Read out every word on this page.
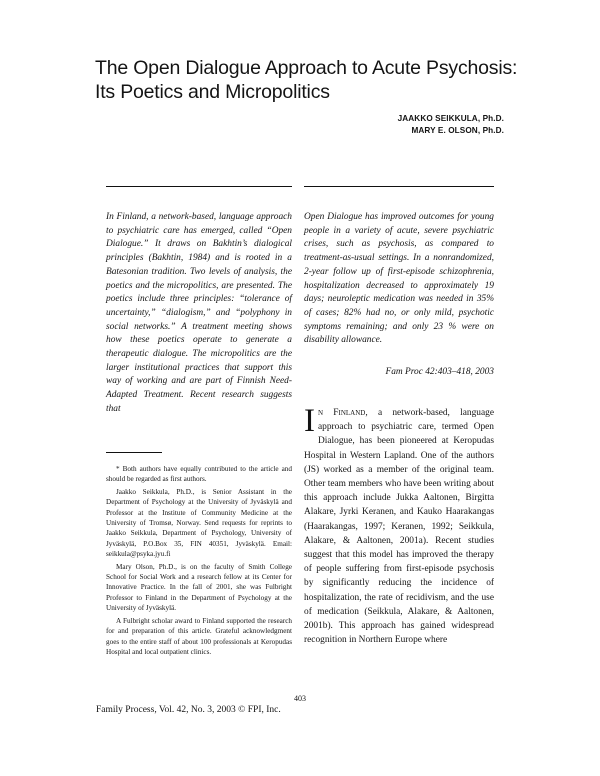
The Open Dialogue Approach to Acute Psychosis:
Its Poetics and Micropolitics
JAAKKO SEIKKULA, Ph.D.
MARY E. OLSON, Ph.D.
In Finland, a network-based, language approach to psychiatric care has emerged, called “Open Dialogue.” It draws on Bakhtin’s dialogical principles (Bakhtin, 1984) and is rooted in a Batesonian tradition. Two levels of analysis, the poetics and the micropolitics, are presented. The poetics include three principles: “tolerance of uncertainty,” “dialogism,” and “polyphony in social networks.” A treatment meeting shows how these poetics operate to generate a therapeutic dialogue. The micropolitics are the larger institutional practices that support this way of working and are part of Finnish Need-Adapted Treatment. Recent research suggests that
Open Dialogue has improved outcomes for young people in a variety of acute, severe psychiatric crises, such as psychosis, as compared to treatment-as-usual settings. In a nonrandomized, 2-year follow up of first-episode schizophrenia, hospitalization decreased to approximately 19 days; neuroleptic medication was needed in 35% of cases; 82% had no, or only mild, psychotic symptoms remaining; and only 23 % were on disability allowance.
Fam Proc 42:403–418, 2003
In Finland, a network-based, language approach to psychiatric care, termed Open Dialogue, has been pioneered at Keropudas Hospital in Western Lapland. One of the authors (JS) worked as a member of the original team. Other team members who have been writing about this approach include Jukka Aaltonen, Birgitta Alakare, Jyrki Keranen, and Kauko Haarakangas (Haarakangas, 1997; Keranen, 1992; Seikkula, Alakare, & Aaltonen, 2001a). Recent studies suggest that this model has improved the therapy of people suffering from first-episode psychosis by significantly reducing the incidence of hospitalization, the rate of recidivism, and the use of medication (Seikkula, Alakare, & Aaltonen, 2001b). This approach has gained widespread recognition in Northern Europe where

* Both authors have equally contributed to the article and should be regarded as first authors.

Jaakko Seikkula, Ph.D., is Senior Assistant in the Department of Psychology at the University of Jyväskylä and Professor at the Institute of Community Medicine at the University of Tromsø, Norway. Send requests for reprints to Jaakko Seikkula, Department of Psychology, University of Jyväskylä, P.O.Box 35, FIN 40351, Jyväskylä. Email: seikkula@psyka.jyu.fi

Mary Olson, Ph.D., is on the faculty of Smith College School for Social Work and a research fellow at its Center for Innovative Practice. In the fall of 2001, she was Fulbright Professor to Finland in the Department of Psychology at the University of Jyväskylä.

A Fulbright scholar award to Finland supported the research for and preparation of this article. Grateful acknowledgment goes to the entire staff of about 100 professionals at Keropudas Hospital and local outpatient clinics.

403
Family Process, Vol. 42, No. 3, 2003 © FPI, Inc.
